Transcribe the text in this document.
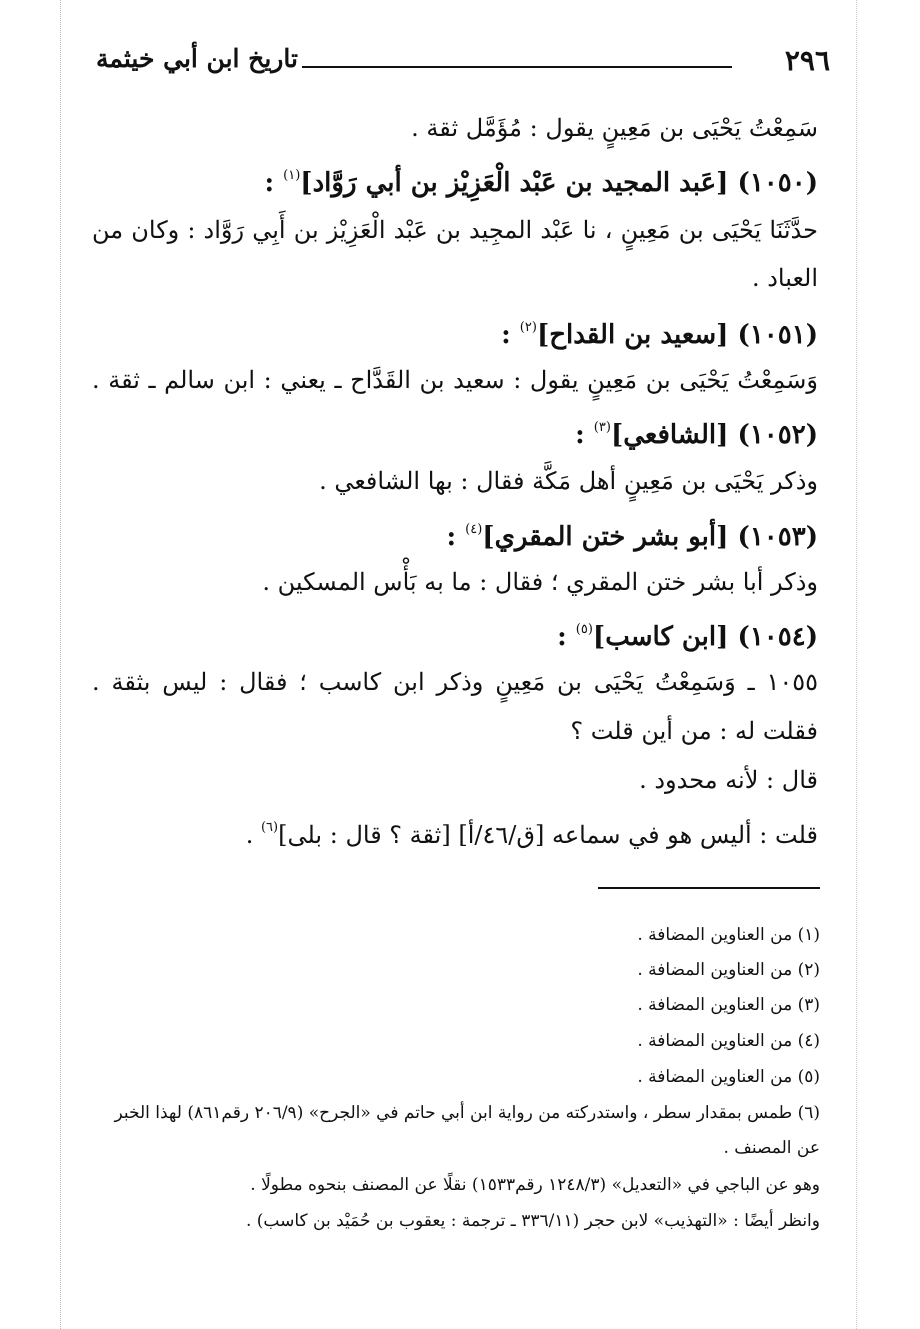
٢٩٦
تاريخ ابن أبي خيثمة
سَمِعْتُ يَحْيَى بن مَعِينٍ يقول : مُؤَمَّل ثقة .
(١٠٥٠) [عَبد المجيد بن عَبْد الْعَزِيْز بن أبي رَوَّاد]$^{(١)}$ :
حدَّثَنَا يَحْيَى بن مَعِينٍ ، نا عَبْد المجِيد بن عَبْد الْعَزِيْز بن أَبِي رَوَّاد : وكان من
العباد .
(١٠٥١) [سعيد بن القداح]$^{(٢)}$ :
وَسَمِعْتُ يَحْيَى بن مَعِينٍ يقول : سعيد بن القَدَّاح ـ يعني : ابن سالم ـ ثقة .
(١٠٥٢) [الشافعي]$^{(٣)}$ :
وذكر يَحْيَى بن مَعِينٍ أهل مَكَّة فقال : بها الشافعي .
(١٠٥٣) [أبو بشر ختن المقري]$^{(٤)}$ :
وذكر أبا بشر ختن المقري ؛ فقال : ما به بَأْس المسكين .
(١٠٥٤) [ابن كاسب]$^{(٥)}$ :
١٠٥٥ ـ وَسَمِعْتُ يَحْيَى بن مَعِينٍ وذكر ابن كاسب ؛ فقال : ليس بثقة .
فقلت له : من أين قلت ؟
قال : لأنه محدود .
قلت : أليس هو في سماعه [ق/٤٦/أ] [ثقة ؟ قال : بلى]$^{(٦)}$ .
(١) من العناوين المضافة .
(٢) من العناوين المضافة .
(٣) من العناوين المضافة .
(٤) من العناوين المضافة .
(٥) من العناوين المضافة .
(٦) طمس بمقدار سطر ، واستدركته من رواية ابن أبي حاتم في «الجرح» (٢٠٦/٩ رقم٨٦١) لهذا الخبر
عن المصنف .
وهو عن الباجي في «التعديل» (١٢٤٨/٣ رقم١٥٣٣) نقلًا عن المصنف بنحوه مطولًا .
وانظر أيضًا : «التهذيب» لابن حجر (٣٣٦/١١ ـ ترجمة : يعقوب بن حُمَيْد بن كاسب) .
